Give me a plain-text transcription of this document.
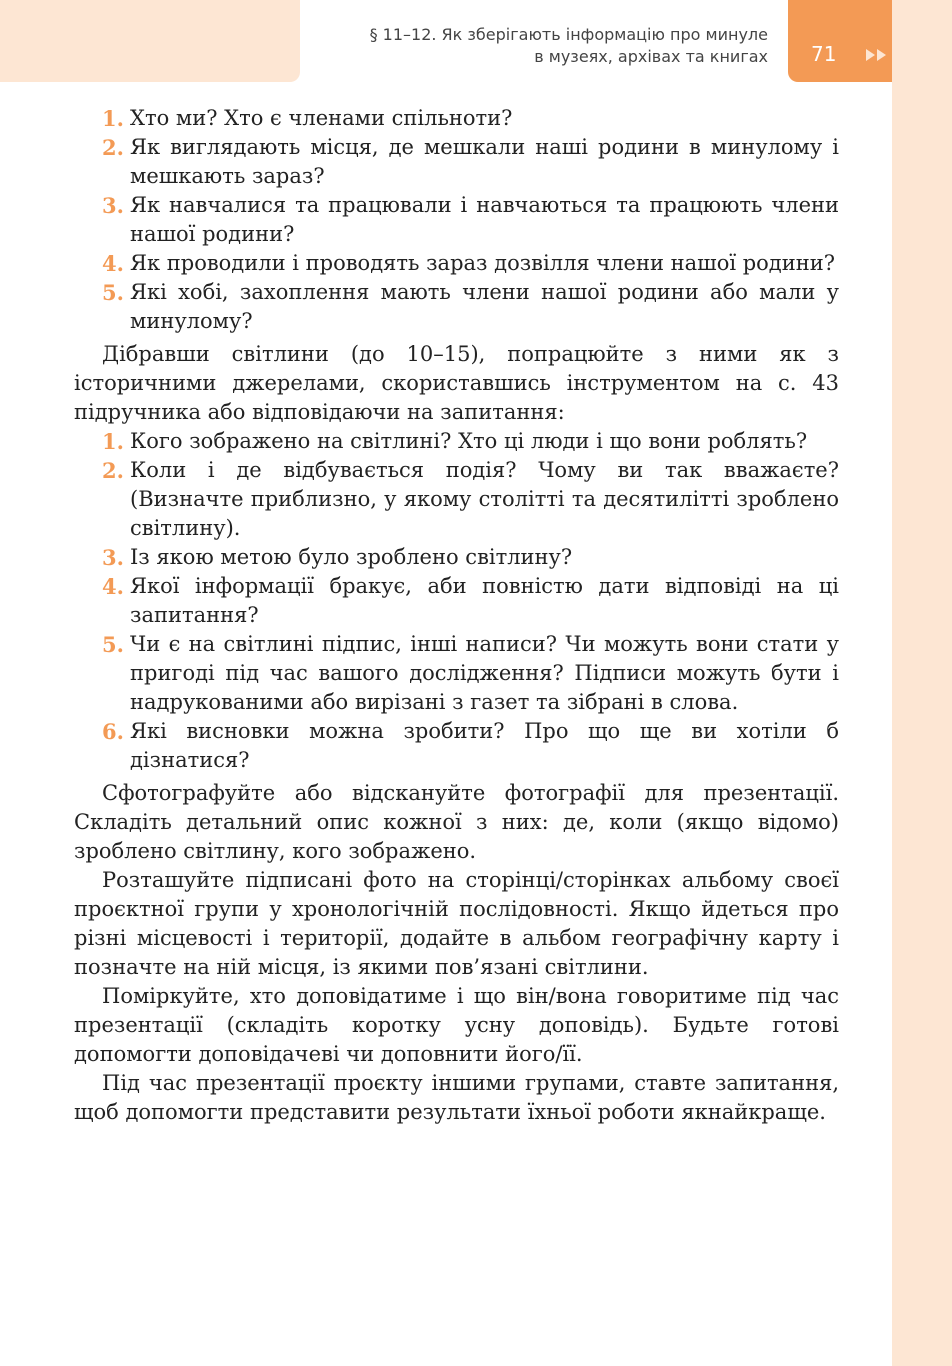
§ 11–12. Як зберігають інформацію про минуле
в музеях, архівах та книгах 71
1. Хто ми? Хто є членами спільноти?
2. Як виглядають місця, де мешкали наші родини в минулому і мешкають зараз?
3. Як навчалися та працювали і навчаються та працюють члени нашої родини?
4. Як проводили і проводять зараз дозвілля члени нашої родини?
5. Які хобі, захоплення мають члени нашої родини або мали у минулому?

Дібравши світлини (до 10–15), попрацюйте з ними як з історичними джерелами, скориставшись інструментом на с. 43 підручника або відповідаючи на запитання:

1. Кого зображено на світлині? Хто ці люди і що вони роблять?
2. Коли і де відбувається подія? Чому ви так вважаєте? (Визначте приблизно, у якому столітті та десятилітті зроблено світлину).
3. Із якою метою було зроблено світлину?
4. Якої інформації бракує, аби повністю дати відповіді на ці запитання?
5. Чи є на світлині підпис, інші написи? Чи можуть вони стати у пригоді під час вашого дослідження? Підписи можуть бути і надрукованими або вирізані з газет та зібрані в слова.
6. Які висновки можна зробити? Про що ще ви хотіли б дізнатися?

Сфотографуйте або відскануйте фотографії для презентації. Складіть детальний опис кожної з них: де, коли (якщо відомо) зроблено світлину, кого зображено.

Розташуйте підписані фото на сторінці/сторінках альбому своєї проєктної групи у хронологічній послідовності. Якщо йдеться про різні місцевості і території, додайте в альбом географічну карту і позначте на ній місця, із якими пов’язані світлини.

Поміркуйте, хто доповідатиме і що він/вона говоритиме під час презентації (складіть коротку усну доповідь). Будьте готові допомогти доповідачеві чи доповнити його/її.

Під час презентації проєкту іншими групами, ставте запитання, щоб допомогти представити результати їхньої роботи якнайкраще.
